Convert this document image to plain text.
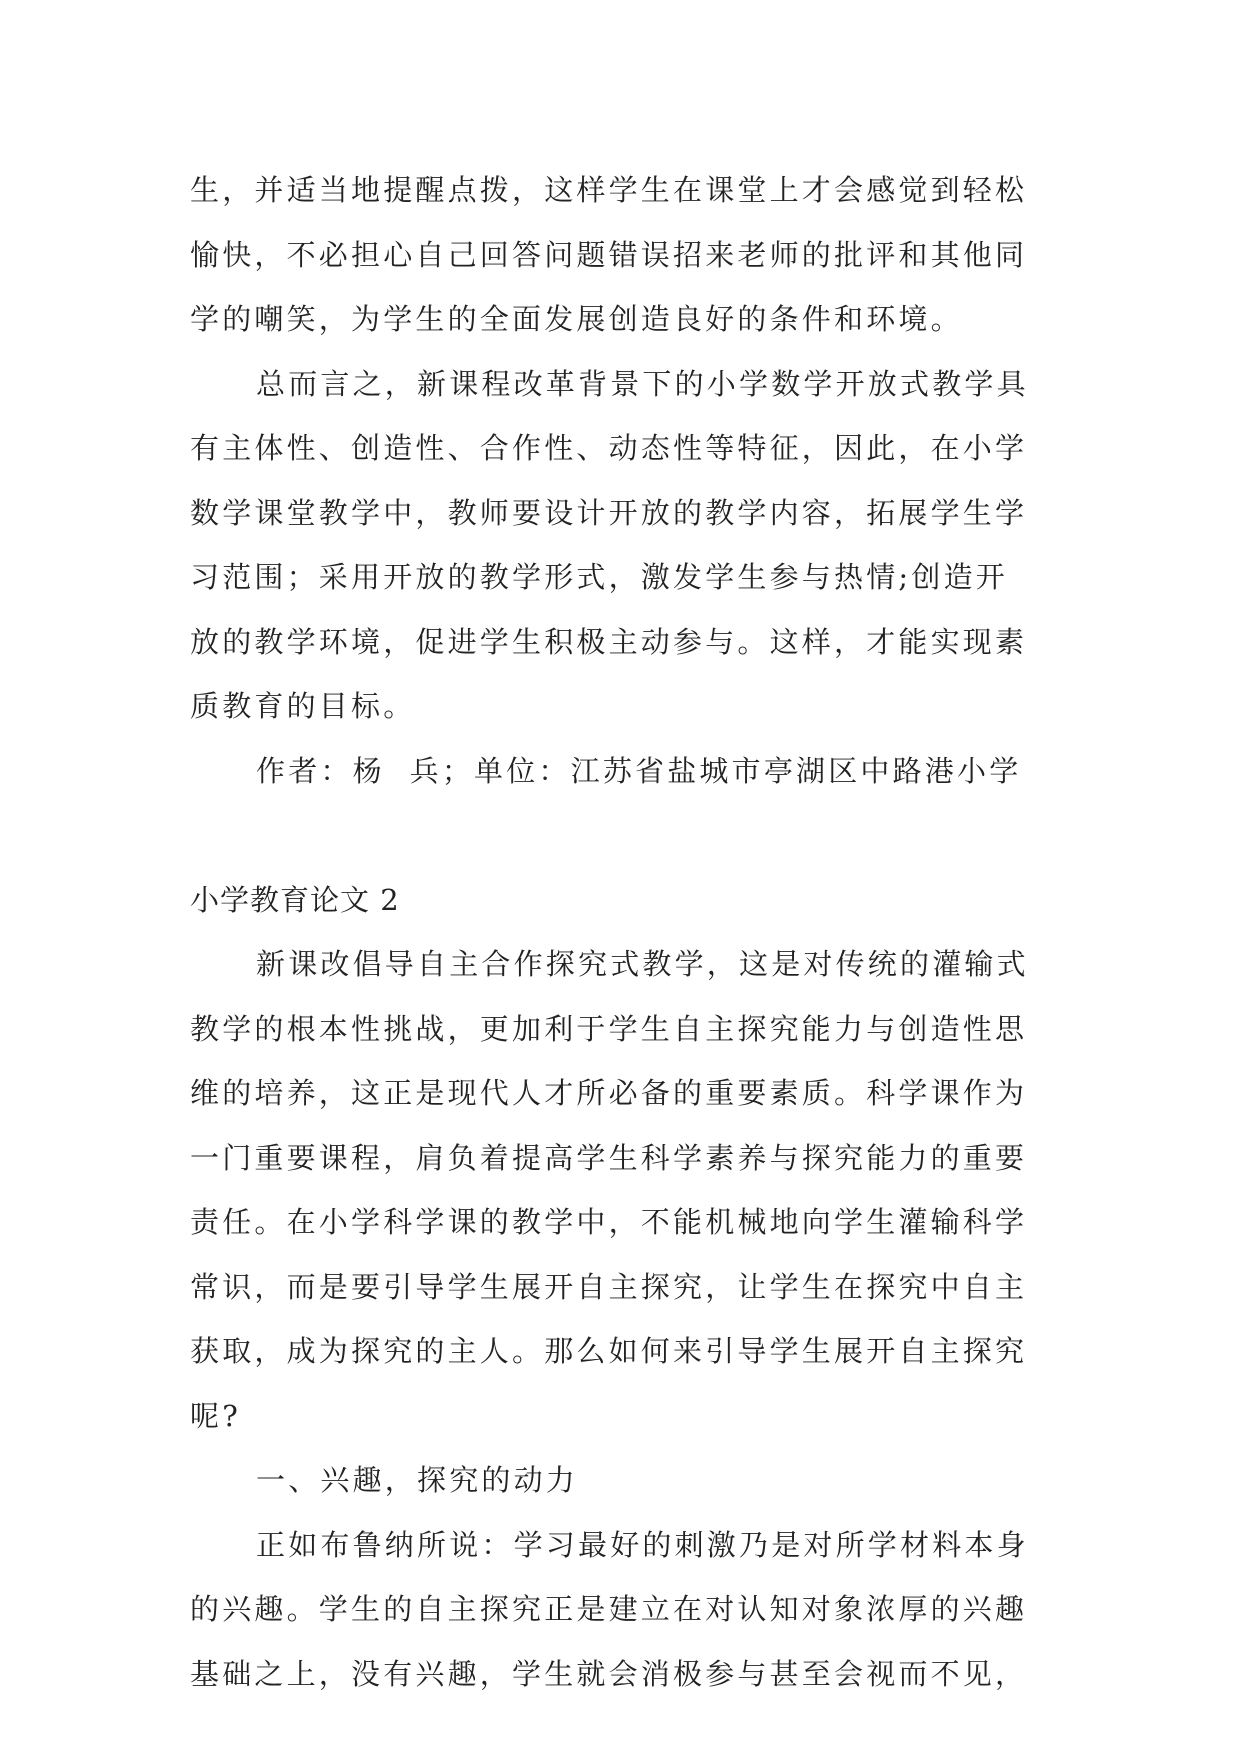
生，并适当地提醒点拨，这样学生在课堂上才会感觉到轻松
愉快，不必担心自己回答问题错误招来老师的批评和其他同
学的嘲笑，为学生的全面发展创造良好的条件和环境。
总而言之，新课程改革背景下的小学数学开放式教学具
有主体性、创造性、合作性、动态性等特征，因此，在小学
数学课堂教学中，教师要设计开放的教学内容，拓展学生学
习范围；采用开放的教学形式，激发学生参与热情;创造开
放的教学环境，促进学生积极主动参与。这样，才能实现素
质教育的目标。
作者：杨  兵；单位：江苏省盐城市亭湖区中路港小学
小学教育论文 2
新课改倡导自主合作探究式教学，这是对传统的灌输式
教学的根本性挑战，更加利于学生自主探究能力与创造性思
维的培养，这正是现代人才所必备的重要素质。科学课作为
一门重要课程，肩负着提高学生科学素养与探究能力的重要
责任。在小学科学课的教学中，不能机械地向学生灌输科学
常识，而是要引导学生展开自主探究，让学生在探究中自主
获取，成为探究的主人。那么如何来引导学生展开自主探究
呢?
一、兴趣，探究的动力
正如布鲁纳所说：学习最好的刺激乃是对所学材料本身
的兴趣。学生的自主探究正是建立在对认知对象浓厚的兴趣
基础之上，没有兴趣，学生就会消极参与甚至会视而不见，
